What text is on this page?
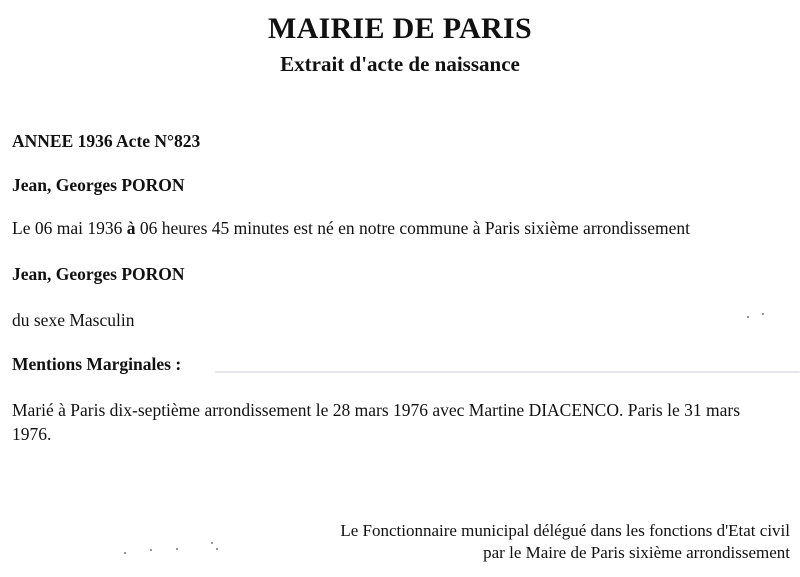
MAIRIE DE PARIS
Extrait d'acte de naissance
ANNEE 1936 Acte N°823
Jean, Georges PORON
Le 06 mai 1936 à 06 heures 45 minutes est né en notre commune à Paris sixième arrondissement
Jean, Georges PORON
du sexe Masculin
Mentions Marginales :
Marié à Paris dix-septième arrondissement le 28 mars 1976 avec Martine DIACENCO. Paris le 31 mars 1976.
Le Fonctionnaire municipal délégué dans les fonctions d'Etat civil
par le Maire de Paris sixième arrondissement
